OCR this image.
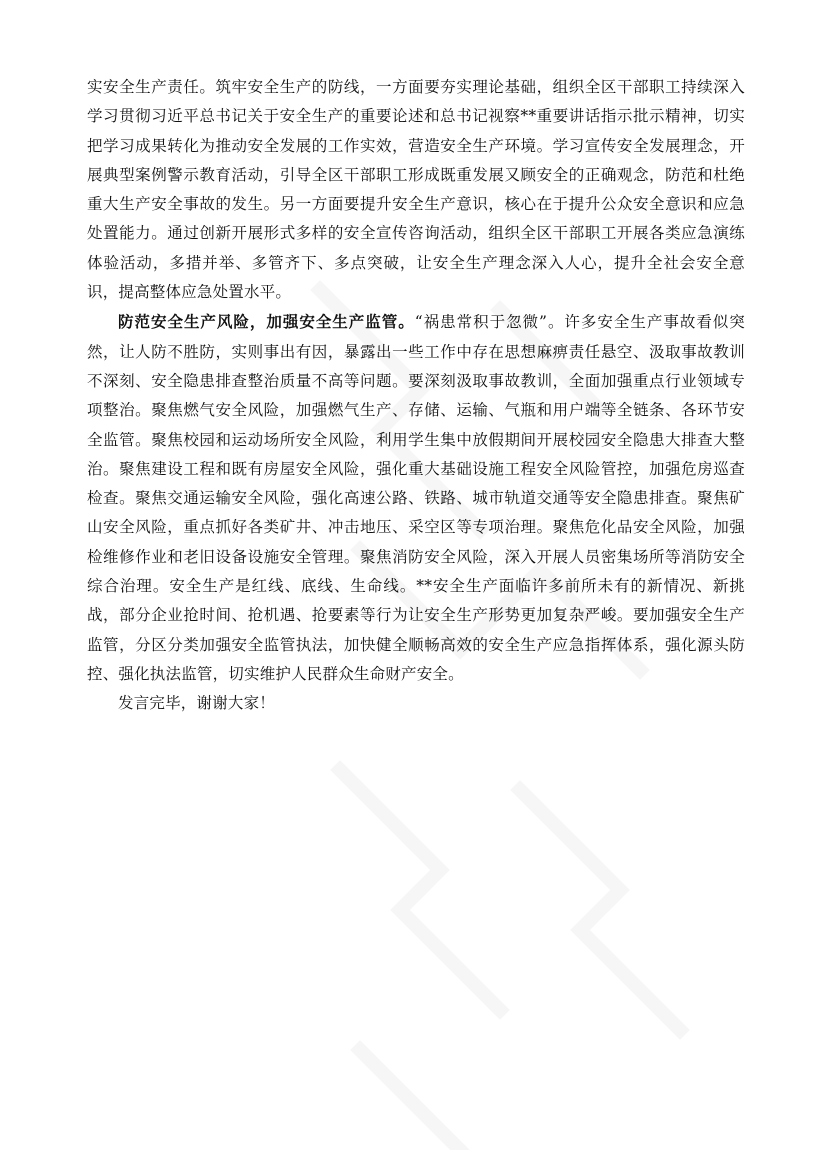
实安全生产责任。筑牢安全生产的防线，一方面要夯实理论基础，组织全区干部职工持续深入学习贯彻习近平总书记关于安全生产的重要论述和总书记视察**重要讲话指示批示精神，切实把学习成果转化为推动安全发展的工作实效，营造安全生产环境。学习宣传安全发展理念，开展典型案例警示教育活动，引导全区干部职工形成既重发展又顾安全的正确观念，防范和杜绝重大生产安全事故的发生。另一方面要提升安全生产意识，核心在于提升公众安全意识和应急处置能力。通过创新开展形式多样的安全宣传咨询活动，组织全区干部职工开展各类应急演练体验活动，多措并举、多管齐下、多点突破，让安全生产理念深入人心，提升全社会安全意识，提高整体应急处置水平。

防范安全生产风险，加强安全生产监管。“祸患常积于忽微”。许多安全生产事故看似突然，让人防不胜防，实则事出有因，暴露出一些工作中存在思想麻痹责任悬空、汲取事故教训不深刻、安全隐患排查整治质量不高等问题。要深刻汲取事故教训，全面加强重点行业领域专项整治。聚焦燃气安全风险，加强燃气生产、存储、运输、气瓶和用户端等全链条、各环节安全监管。聚焦校园和运动场所安全风险，利用学生集中放假期间开展校园安全隐患大排查大整治。聚焦建设工程和既有房屋安全风险，强化重大基础设施工程安全风险管控，加强危房巡查检查。聚焦交通运输安全风险，强化高速公路、铁路、城市轨道交通等安全隐患排查。聚焦矿山安全风险，重点抓好各类矿井、冲击地压、采空区等专项治理。聚焦危化品安全风险，加强检维修作业和老旧设备设施安全管理。聚焦消防安全风险，深入开展人员密集场所等消防安全综合治理。安全生产是红线、底线、生命线。**安全生产面临许多前所未有的新情况、新挑战，部分企业抢时间、抢机遇、抢要素等行为让安全生产形势更加复杂严峻。要加强安全生产监管，分区分类加强安全监管执法，加快健全顺畅高效的安全生产应急指挥体系，强化源头防控、强化执法监管，切实维护人民群众生命财产安全。

发言完毕，谢谢大家！
